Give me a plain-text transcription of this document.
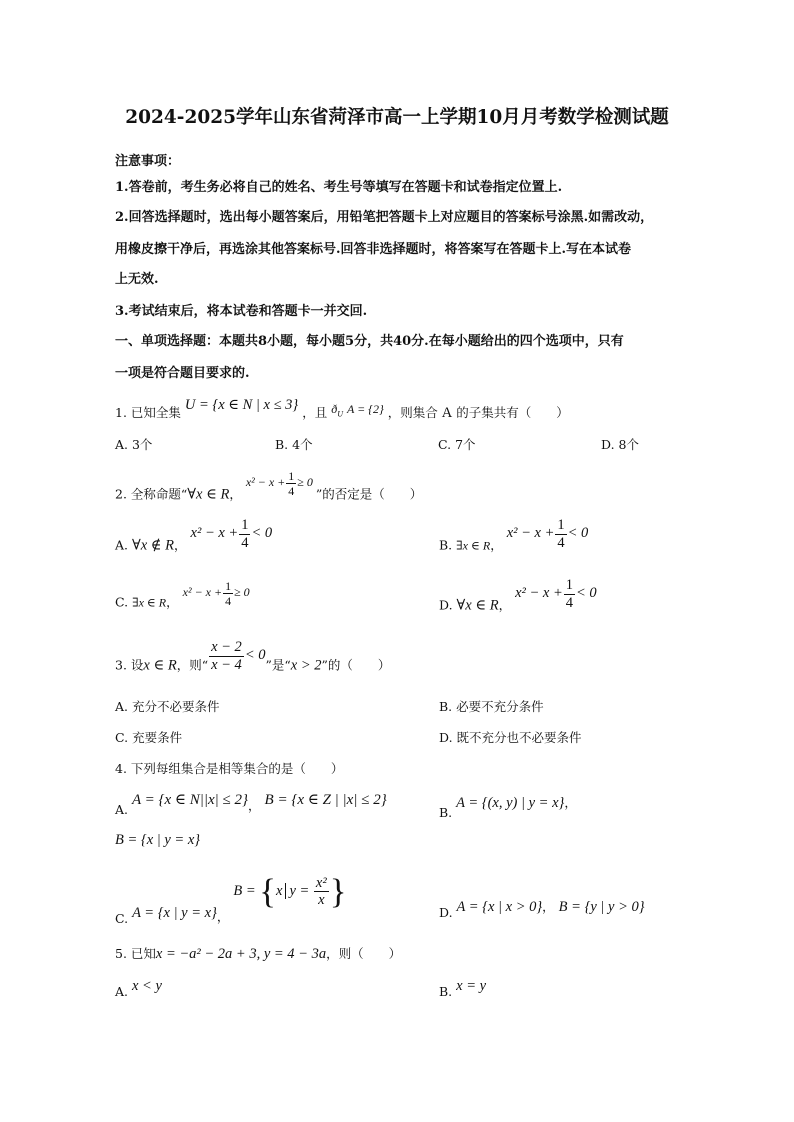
2024-2025学年山东省菏泽市高一上学期10月月考数学检测试题
注意事项：
1.答卷前，考生务必将自己的姓名、考生号等填写在答题卡和试卷指定位置上.
2.回答选择题时，选出每小题答案后，用铅笔把答题卡上对应题目的答案标号涂黑.如需改动，
用橡皮擦干净后，再选涂其他答案标号.回答非选择题时，将答案写在答题卡上.写在本试卷
上无效.
3.考试结束后，将本试卷和答题卡一并交回.
一、单项选择题：本题共8小题，每小题5分，共40分.在每小题给出的四个选项中，只有
一项是符合题目要求的.
1. 已知全集 U = {x ∈ N | x ≤ 3} ，且 $ð_U$ A = {2} ，则集合 A 的子集共有（　　）
A. 3个	B. 4个	C. 7个	D. 8个
2. 全称命题“∀x ∈ R， $x^2 - x + \frac{1}{4} \ge 0$ ”的否定是（　　）
A. ∀x ∉ R， $x^2 - x + \frac{1}{4} < 0$
B. ∃x ∈ R， $x^2 - x + \frac{1}{4} < 0$
C. ∃x ∈ R， $x^2 - x + \frac{1}{4} \ge 0$
D. ∀x ∈ R， $x^2 - x + \frac{1}{4} < 0$
3. 设x ∈ R，则“ $\frac{x - 2}{x - 4} < 0$”是“x > 2”的（　　）
A. 充分不必要条件	B. 必要不充分条件
C. 充要条件	D. 既不充分也不必要条件
4. 下列每组集合是相等集合的是（　　）
A. A = {x ∈ N||x| ≤ 2}， B = {x ∈ Z | |x| ≤ 2}
B. A = {(x, y) | y = x}，
B = {x | y = x}
C. A = {x | y = x}， B = {x $y = \frac{\text{x²}}{x}$ }
D. A = {x | x > 0}， B = {y | y > 0}
5. 已知x = −a² − 2a + 3, y = 4 − 3a，则（　　）
A. x < y	B. x = y
